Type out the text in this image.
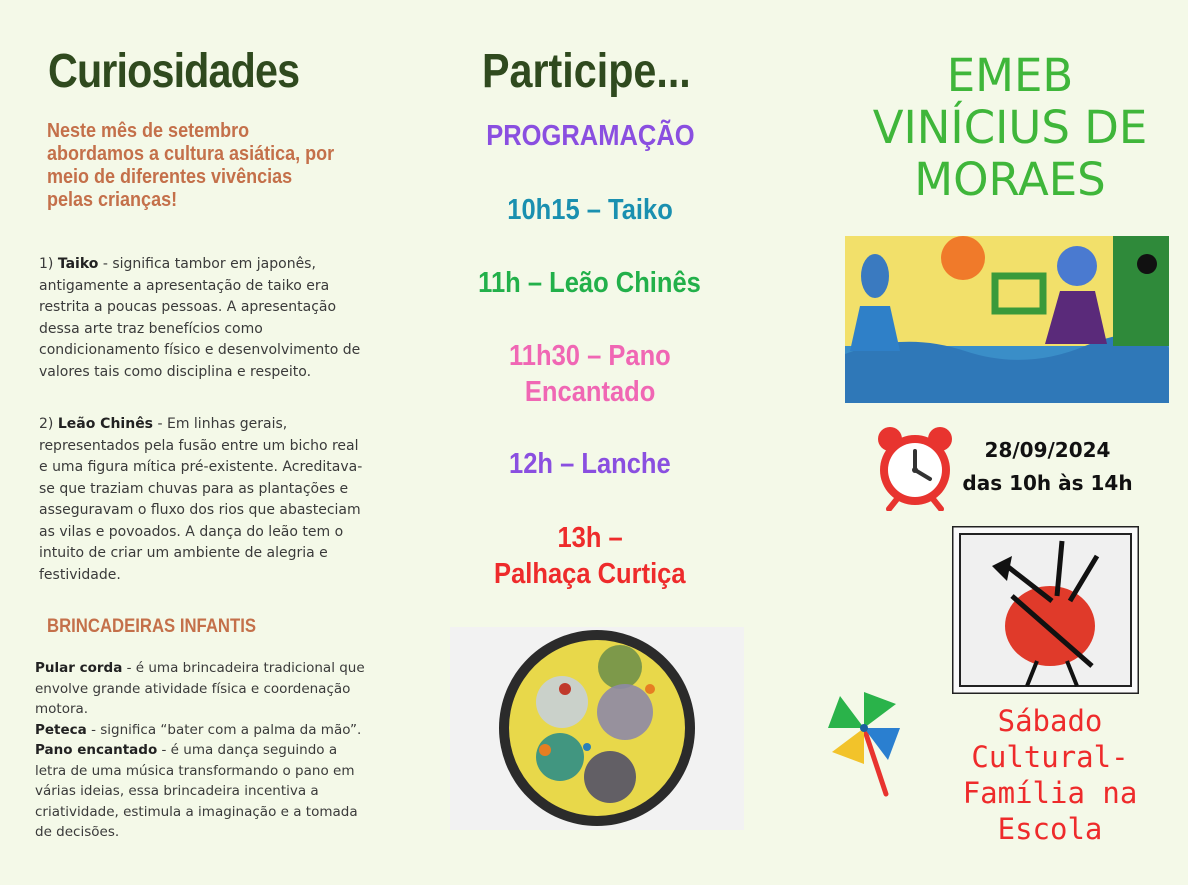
Curiosidades
Neste mês de setembro abordamos a cultura asiática, por meio de diferentes vivências pelas crianças!
1) Taiko - significa tambor em japonês, antigamente a apresentação de taiko era restrita a poucas pessoas. A apresentação dessa arte traz benefícios como condicionamento físico e desenvolvimento de valores tais como disciplina e respeito.
2) Leão Chinês - Em linhas gerais, representados pela fusão entre um bicho real e uma figura mítica pré-existente. Acreditava-se que traziam chuvas para as plantações e asseguravam o fluxo dos rios que abasteciam as vilas e povoados. A dança do leão tem o intuito de criar um ambiente de alegria e festividade.
BRINCADEIRAS INFANTIS
Pular corda - é uma brincadeira tradicional que envolve grande atividade física e coordenação motora.
Peteca - significa “bater com a palma da mão”.
Pano encantado - é uma dança seguindo a letra de uma música transformando o pano em várias ideias, essa brincadeira incentiva a criatividade, estimula a imaginação e a tomada de decisões.
Participe...
PROGRAMAÇÃO
10h15 – Taiko
11h – Leão Chinês
11h30 – Pano
Encantado
12h – Lanche
13h –
Palhaça Curtiça
EMEB
VINÍCIUS DE
MORAES
28/09/2024
das 10h às 14h
Sábado
Cultural-
Família na
Escola
